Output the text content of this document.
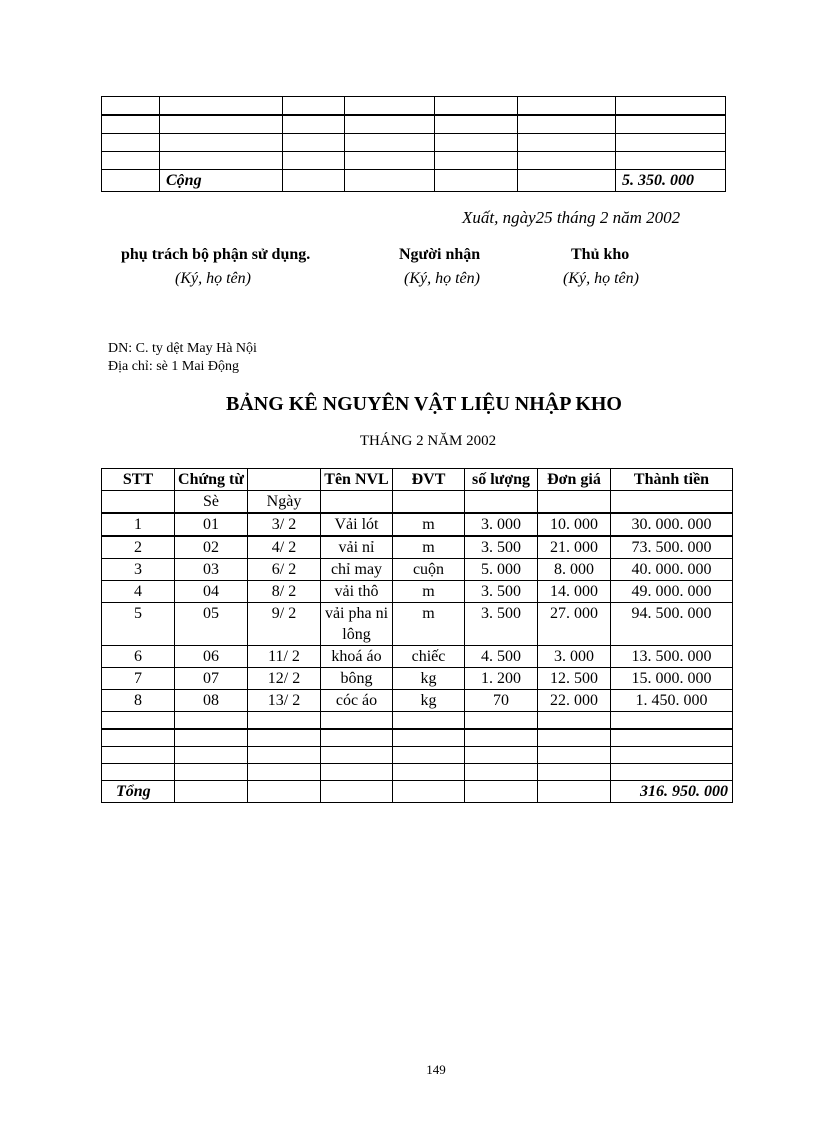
	Cộng					5. 350. 000
Xuất, ngày25 tháng 2 năm 2002
phụ trách bộ phận sử dụng.
(Ký, họ tên)
Người nhận
(Ký, họ tên)
Thủ kho
(Ký, họ tên)
DN: C. ty dệt May Hà Nội
Địa chỉ: sè 1 Mai Động
BẢNG KÊ NGUYÊN VẬT LIỆU NHẬP KHO
THÁNG 2 NĂM 2002
STT	Chứng từ		Tên NVL	ĐVT	số lượng	Đơn giá	Thành tiền
	Sè	Ngày					
1	01	3/ 2	Vải lót	m	3. 000	10. 000	30. 000. 000
2	02	4/ 2	vải nỉ	m	3. 500	21. 000	73. 500. 000
3	03	6/ 2	chỉ may	cuộn	5. 000	8. 000	40. 000. 000
4	04	8/ 2	vải thô	m	3. 500	14. 000	49. 000. 000
5	05	9/ 2	vải pha ni lông	m	3. 500	27. 000	94. 500. 000
6	06	11/ 2	khoá áo	chiếc	4. 500	3. 000	13. 500. 000
7	07	12/ 2	bông	kg	1. 200	12. 500	15. 000. 000
8	08	13/ 2	cóc áo	kg	70	22. 000	1. 450. 000

Tổng							316. 950. 000
149
